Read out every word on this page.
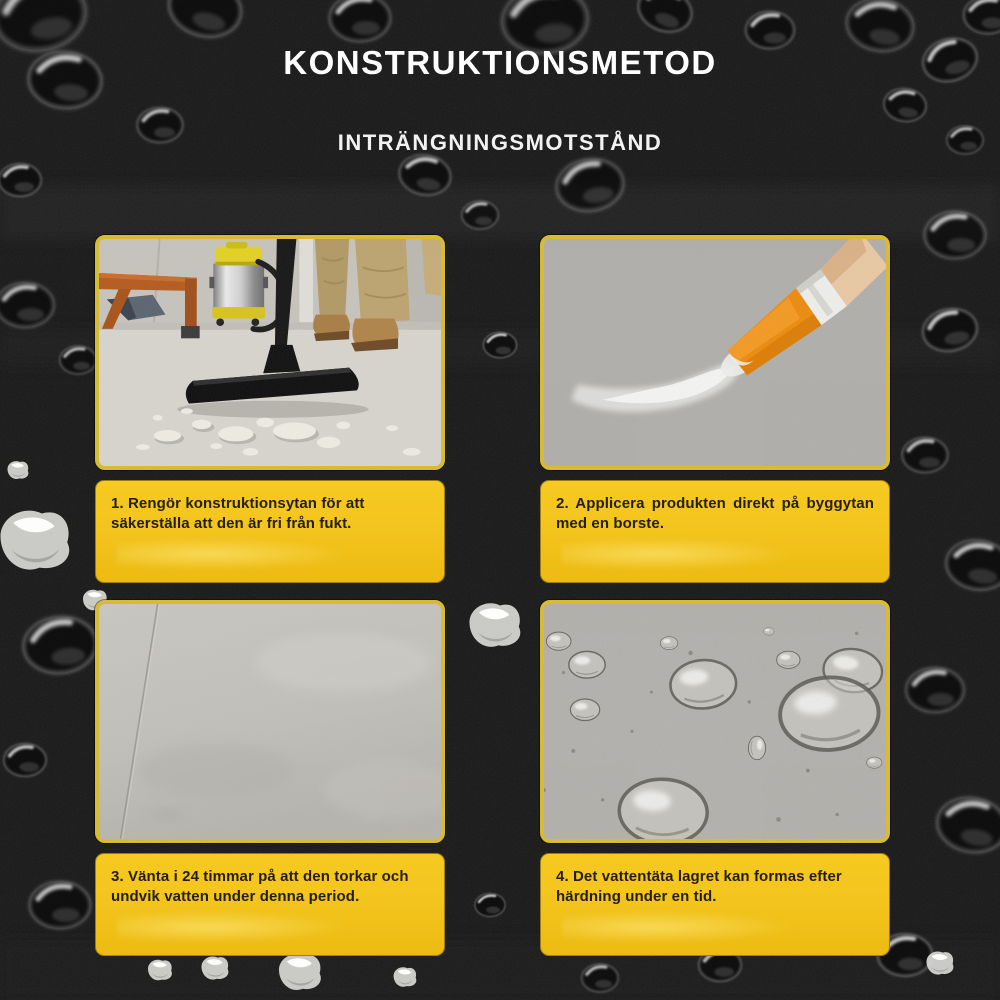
KONSTRUKTIONSMETOD
INTRÄNGNINGSMOTSTÅND
1. Rengör konstruktionsytan för att säkerställa att den är fri från fukt.
2. Applicera produkten direkt på byggytan med en borste.
3. Vänta i 24 timmar på att den torkar och undvik vatten under denna period.
4. Det vattentäta lagret kan formas efter härdning under en tid.
